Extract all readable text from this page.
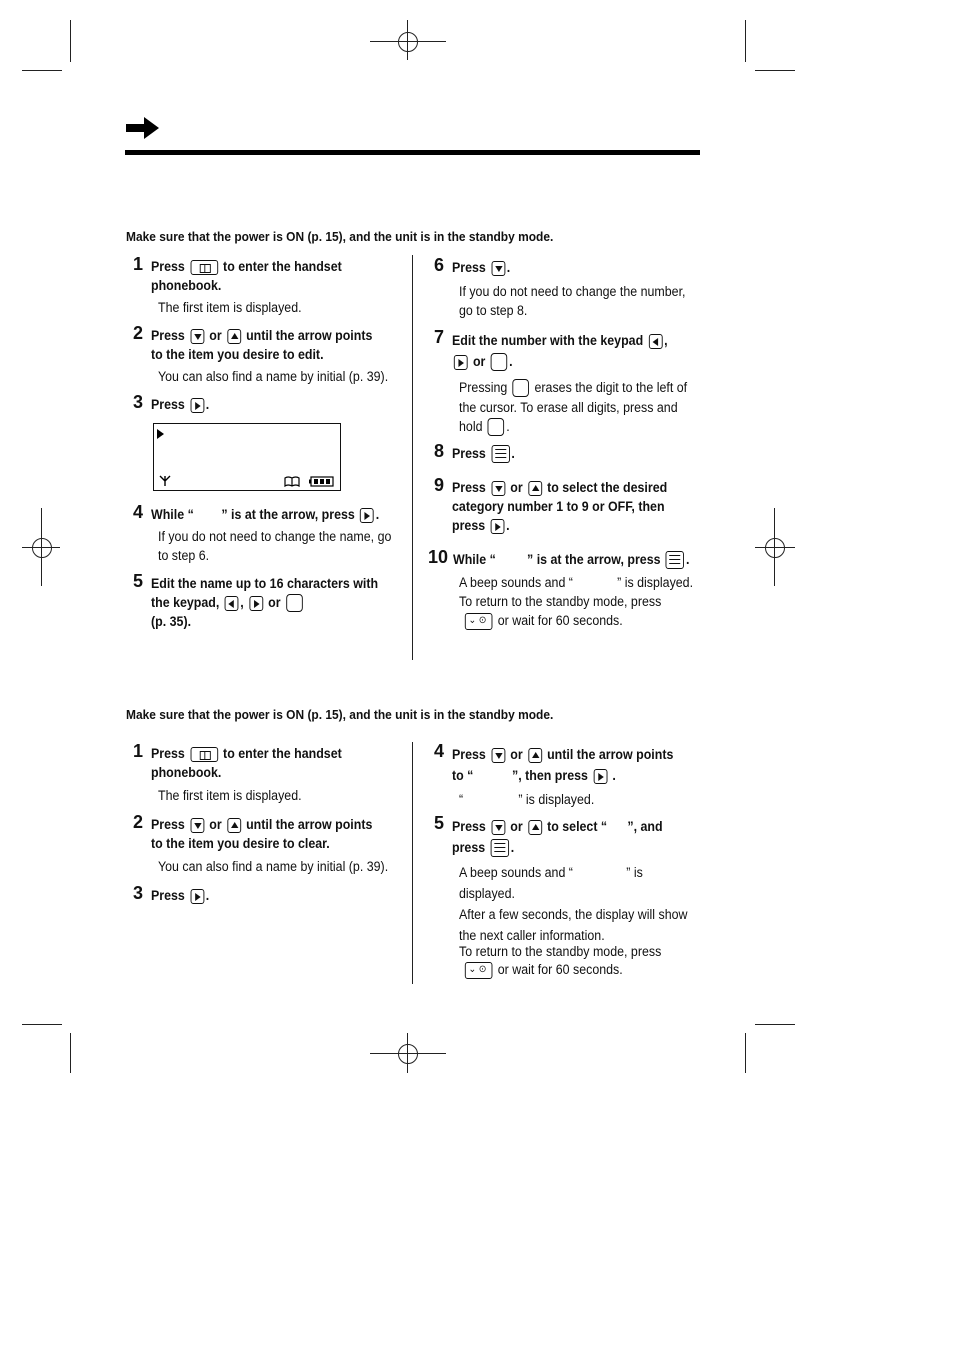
Make sure that the power is ON (p. 15), and the unit is in the standby mode.
1 Press	to enter the handset
phonebook.
The first item is displayed.
2 Press or until the arrow points
to the item you desire to edit.
You can also find a name by initial (p. 39).
3 Press .
4 While “ ” is at the arrow, press .
If you do not need to change the name, go
to step 6.
5 Edit the name up to 16 characters with
the keypad, , or
(p. 35).
6 Press .
If you do not need to change the number,
go to step 8.
7 Edit the number with the keypad ,

or .
Pressing erases the digit to the left of
the cursor. To erase all digits, press and
hold .
8 Press .
9 Press or to select the desired
category number 1 to 9 or OFF, then
press .
10 While “ ” is at the arrow, press .
A beep sounds and “	” is displayed.
To return to the standby mode, press
⌄ ⊙ or wait for 60 seconds.
Make sure that the power is ON (p. 15), and the unit is in the standby mode.
1 Press	to enter the handset
phonebook.
The first item is displayed.
2 Press or until the arrow points
to the item you desire to clear.
You can also find a name by initial (p. 39).
3 Press .
4 Press or until the arrow points
to “	”, then press .
“	” is displayed.
5 Press or to select “ ”, and
press .
A beep sounds and “	” is
displayed.
After a few seconds, the display will show
the next caller information.
To return to the standby mode, press
⌄ ⊙ or wait for 60 seconds.
